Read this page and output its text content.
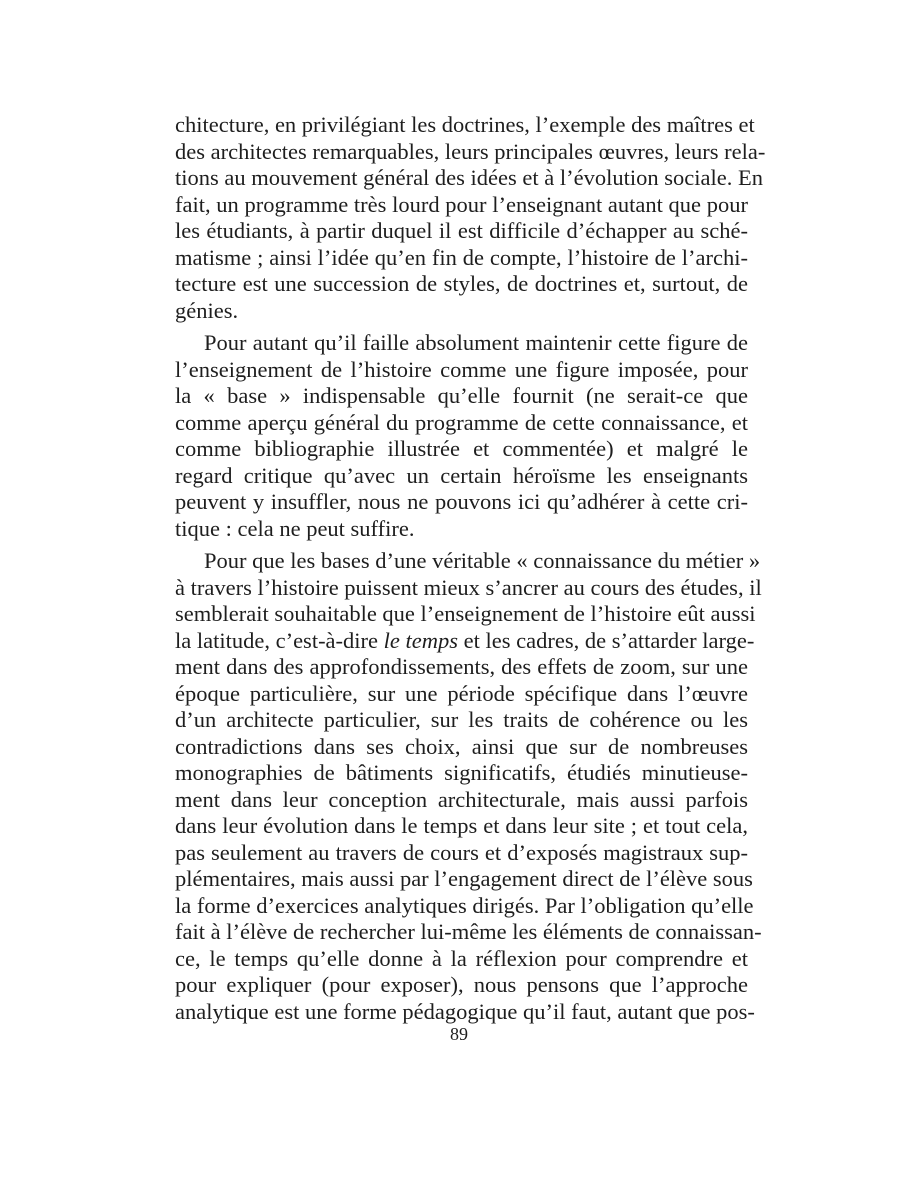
chitecture, en privilégiant les doctrines, l’exemple des maîtres et
des architectes remarquables, leurs principales œuvres, leurs rela-
tions au mouvement général des idées et à l’évolution sociale. En
fait, un programme très lourd pour l’enseignant autant que pour
les étudiants, à partir duquel il est difficile d’échapper au sché-
matisme ; ainsi l’idée qu’en fin de compte, l’histoire de l’archi-
tecture est une succession de styles, de doctrines et, surtout, de
génies.
Pour autant qu’il faille absolument maintenir cette figure de
l’enseignement de l’histoire comme une figure imposée, pour
la « base » indispensable qu’elle fournit (ne serait-ce que
comme aperçu général du programme de cette connaissance, et
comme bibliographie illustrée et commentée) et malgré le
regard critique qu’avec un certain héroïsme les enseignants
peuvent y insuffler, nous ne pouvons ici qu’adhérer à cette cri-
tique : cela ne peut suffire.
Pour que les bases d’une véritable « connaissance du métier »
à travers l’histoire puissent mieux s’ancrer au cours des études, il
semblerait souhaitable que l’enseignement de l’histoire eût aussi
la latitude, c’est-à-dire le temps et les cadres, de s’attarder large-
ment dans des approfondissements, des effets de zoom, sur une
époque particulière, sur une période spécifique dans l’œuvre
d’un architecte particulier, sur les traits de cohérence ou les
contradictions dans ses choix, ainsi que sur de nombreuses
monographies de bâtiments significatifs, étudiés minutieuse-
ment dans leur conception architecturale, mais aussi parfois
dans leur évolution dans le temps et dans leur site ; et tout cela,
pas seulement au travers de cours et d’exposés magistraux sup-
plémentaires, mais aussi par l’engagement direct de l’élève sous
la forme d’exercices analytiques dirigés. Par l’obligation qu’elle
fait à l’élève de rechercher lui-même les éléments de connaissan-
ce, le temps qu’elle donne à la réflexion pour comprendre et
pour expliquer (pour exposer), nous pensons que l’approche
analytique est une forme pédagogique qu’il faut, autant que pos-
89
